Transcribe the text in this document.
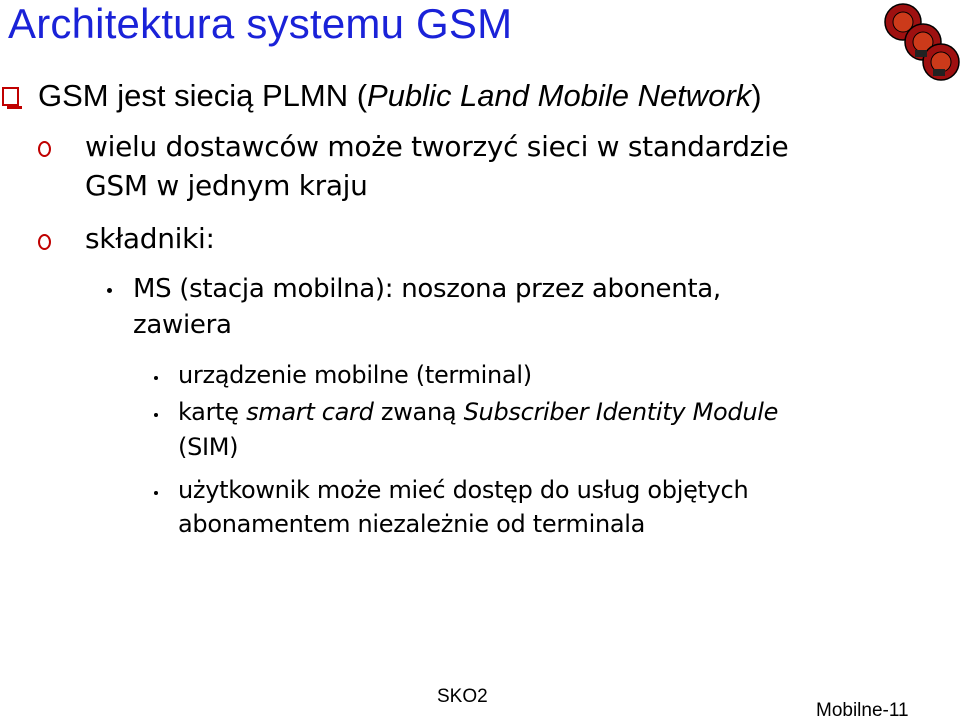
Architektura systemu GSM
GSM jest siecią PLMN (Public Land Mobile Network)
wielu dostawców może tworzyć sieci w standardzie
GSM w jednym kraju
składniki:
MS (stacja mobilna): noszona przez abonenta,
zawiera
urządzenie mobilne (terminal)
kartę smart card zwaną Subscriber Identity Module
(SIM)
użytkownik może mieć dostęp do usług objętych
abonamentem niezależnie od terminala
SKO2
Mobilne-11
